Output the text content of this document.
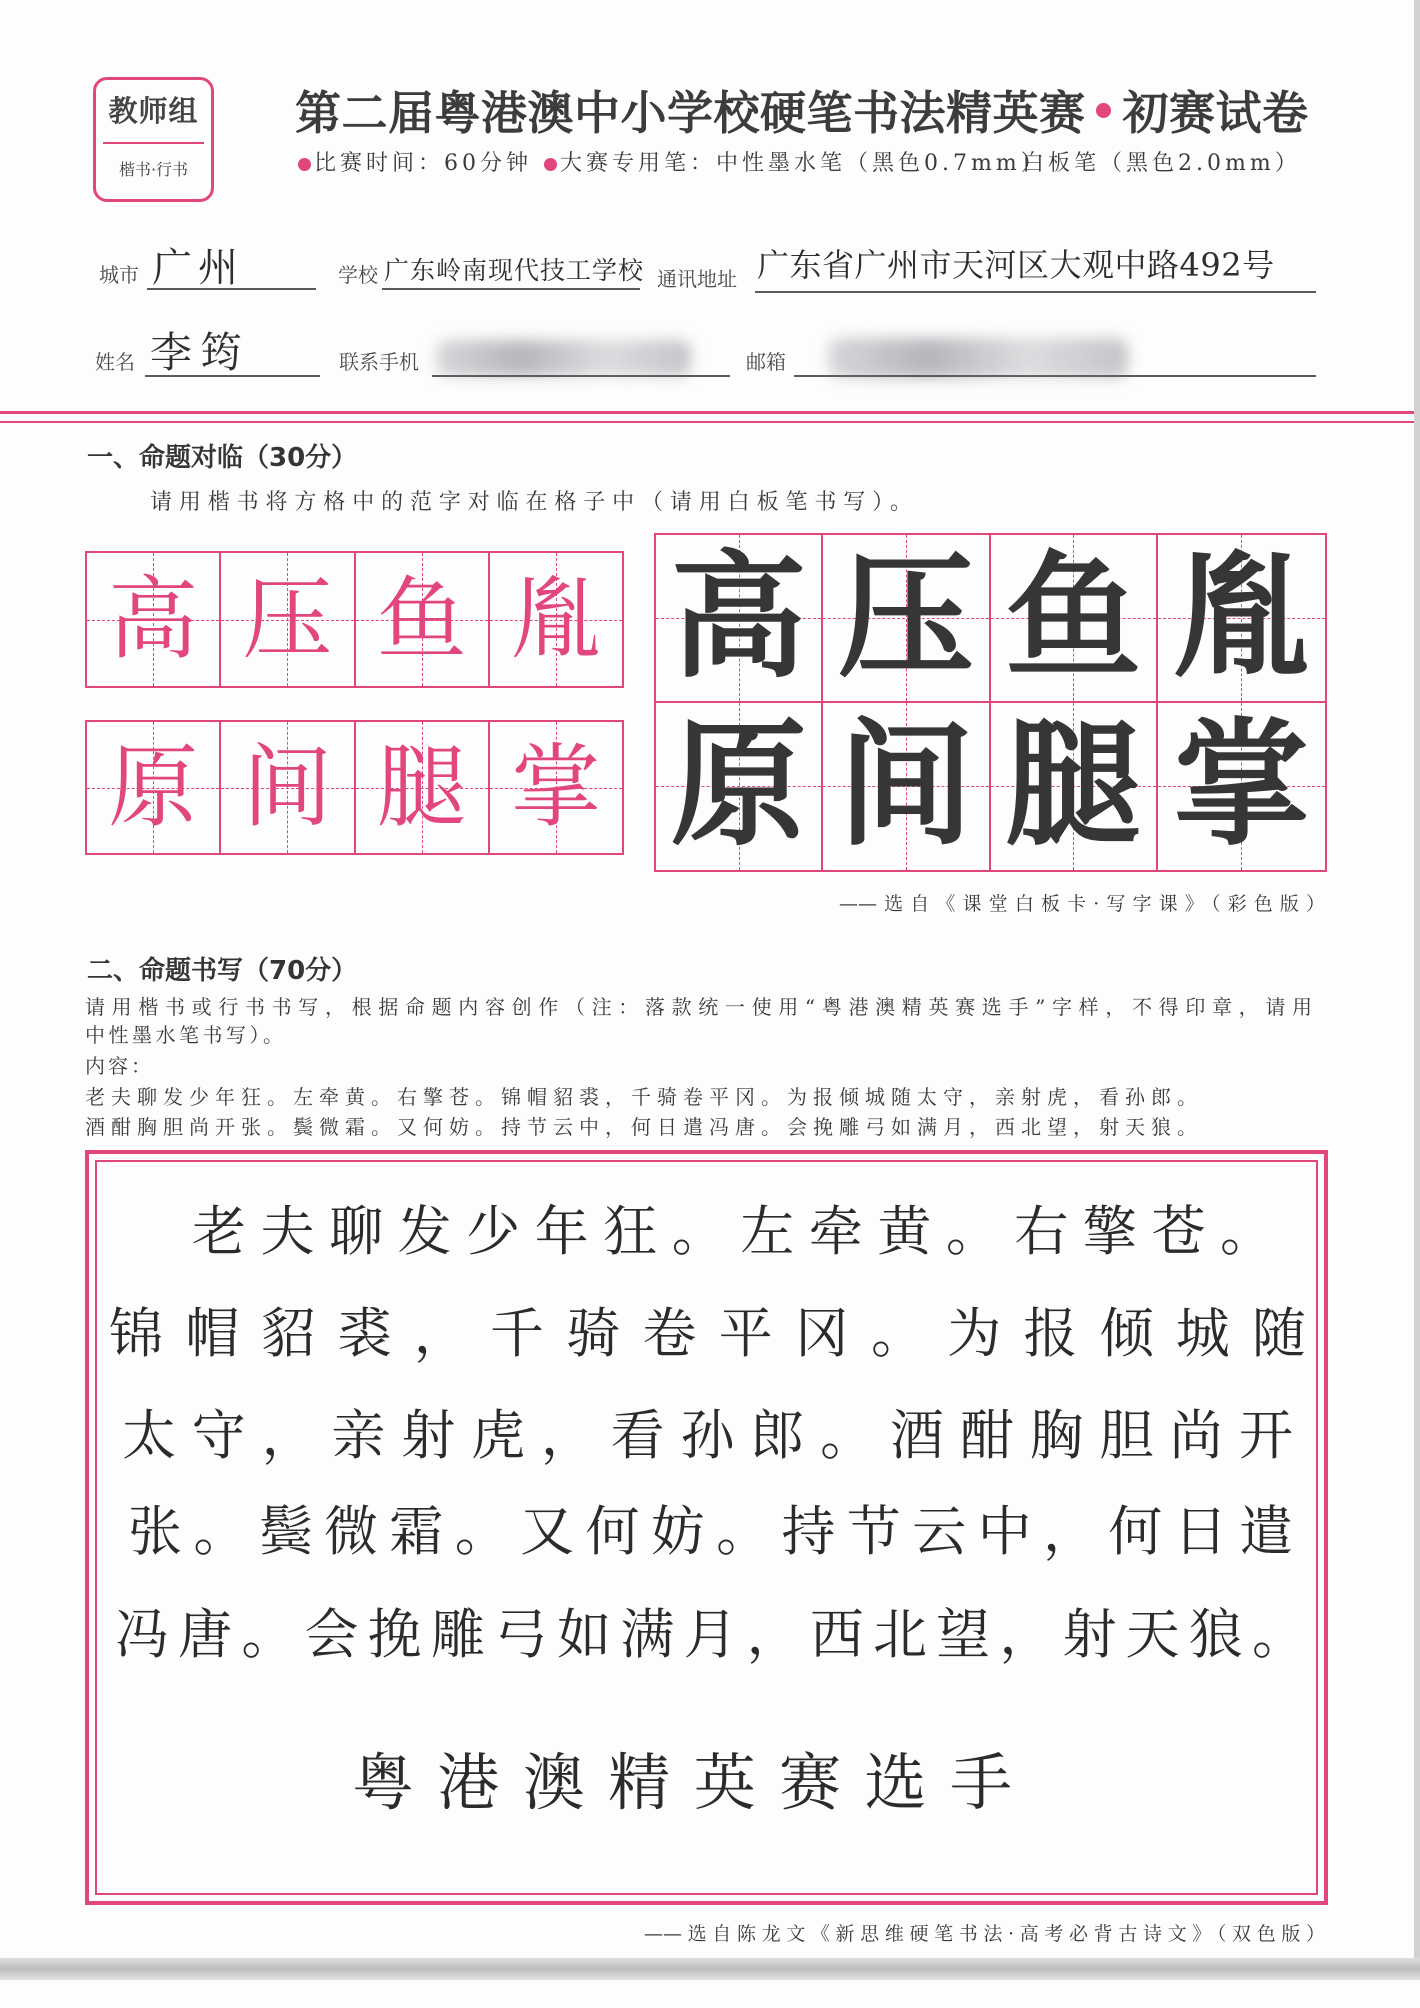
教师组
楷书·行书
第二届粤港澳中小学校硬笔书法精英赛 初赛试卷
比赛时间：60分钟 大赛专用笔：中性墨水笔（黑色0.7mm）
白板笔（黑色2.0mm）
城市 广州	学校 广东岭南现代技工学校 通讯地址 广东省广州市天河区大观中路492号
姓名 李筠	联系手机	邮箱
一、命题对临（30分）
请用楷书将方格中的范字对临在格子中（请用白板笔书写）。
高 压 鱼 胤
原 间 腿 掌
高 压 鱼 胤
原 间 腿 掌
——选自《课堂白板卡·写字课》（彩色版）
二、命题书写（70分）
请用楷书或行书书写，根据命题内容创作（注：落款统一使用“粤港澳精英赛选手”字样，不得印章，请用
中性墨水笔书写）。
内容：
老夫聊发少年狂。左牵黄。右擎苍。锦帽貂裘，千骑卷平冈。为报倾城随太守，亲射虎，看孙郎。
酒酣胸胆尚开张。鬓微霜。又何妨。持节云中，何日遣冯唐。会挽雕弓如满月，西北望，射天狼。
老夫聊发少年狂。左牵黄。右擎苍。
锦帽貂裘，千骑卷平冈。为报倾城随
太守，亲射虎，看孙郎。酒酣胸胆尚开
张。鬓微霜。又何妨。持节云中，何日遣
冯唐。会挽雕弓如满月，西北望，射天狼。
粤港澳精英赛选手
——选自陈龙文《新思维硬笔书法·高考必背古诗文》（双色版）
